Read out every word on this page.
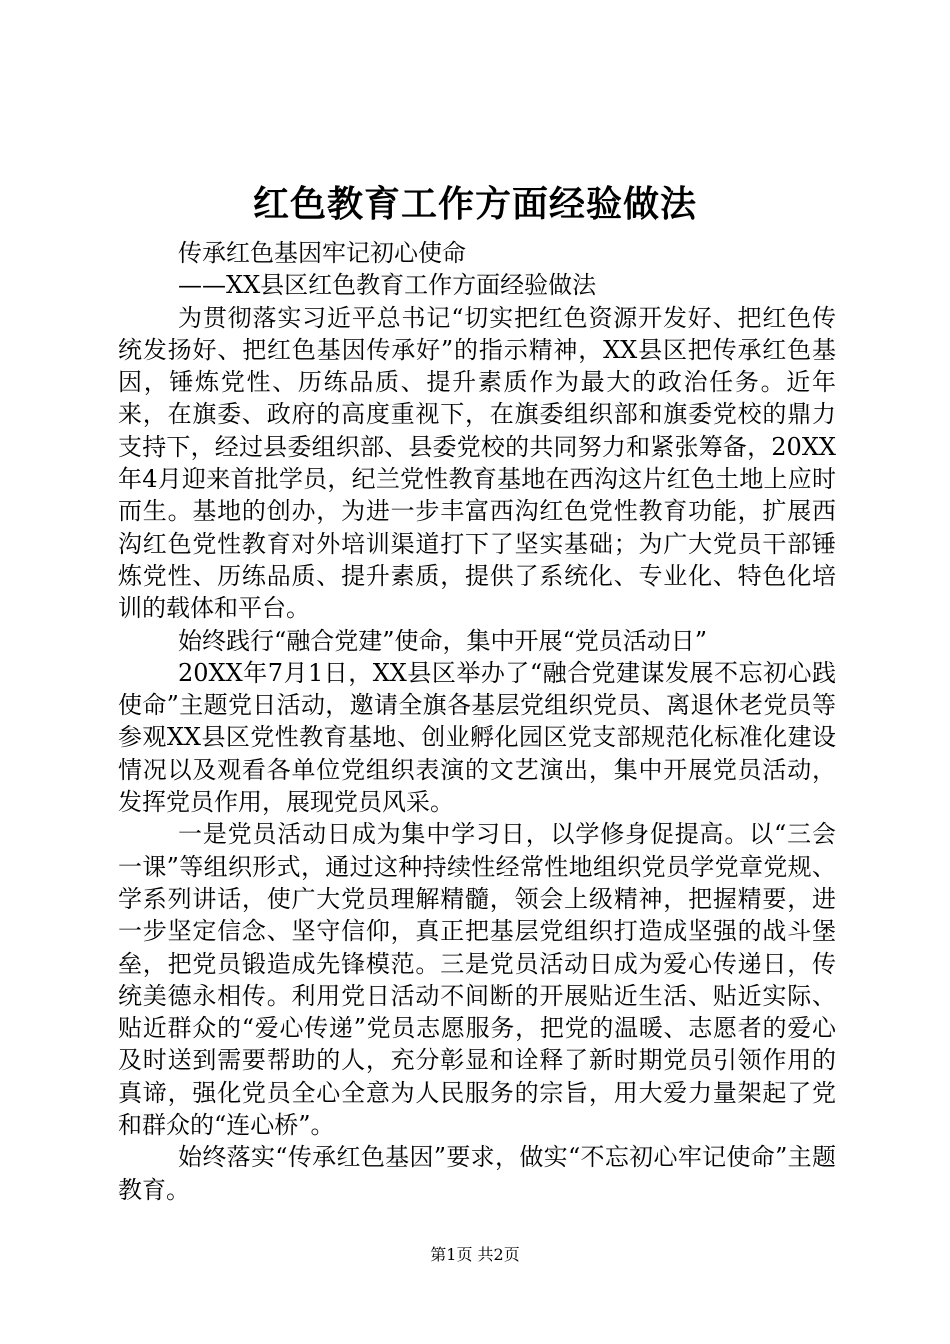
红色教育工作方面经验做法

传承红色基因牢记初心使命

——XX县区红色教育工作方面经验做法

为贯彻落实习近平总书记“切实把红色资源开发好、把红色传统发扬好、把红色基因传承好”的指示精神，XX县区把传承红色基因，锤炼党性、历练品质、提升素质作为最大的政治任务。近年来，在旗委、政府的高度重视下，在旗委组织部和旗委党校的鼎力支持下，经过县委组织部、县委党校的共同努力和紧张筹备，20XX年4月迎来首批学员，纪兰党性教育基地在西沟这片红色土地上应时而生。基地的创办，为进一步丰富西沟红色党性教育功能，扩展西沟红色党性教育对外培训渠道打下了坚实基础；为广大党员干部锤炼党性、历练品质、提升素质，提供了系统化、专业化、特色化培训的载体和平台。

始终践行“融合党建”使命，集中开展“党员活动日”

20XX年7月1日，XX县区举办了“融合党建谋发展不忘初心践使命”主题党日活动，邀请全旗各基层党组织党员、离退休老党员等参观XX县区党性教育基地、创业孵化园区党支部规范化标准化建设情况以及观看各单位党组织表演的文艺演出，集中开展党员活动，发挥党员作用，展现党员风采。

一是党员活动日成为集中学习日，以学修身促提高。以“三会一课”等组织形式，通过这种持续性经常性地组织党员学党章党规、学系列讲话，使广大党员理解精髓，领会上级精神，把握精要，进一步坚定信念、坚守信仰，真正把基层党组织打造成坚强的战斗堡垒，把党员锻造成先锋模范。三是党员活动日成为爱心传递日，传统美德永相传。利用党日活动不间断的开展贴近生活、贴近实际、贴近群众的“爱心传递”党员志愿服务，把党的温暖、志愿者的爱心及时送到需要帮助的人，充分彰显和诠释了新时期党员引领作用的真谛，强化党员全心全意为人民服务的宗旨，用大爱力量架起了党和群众的“连心桥”。

始终落实“传承红色基因”要求，做实“不忘初心牢记使命”主题教育。

第1页 共2页
